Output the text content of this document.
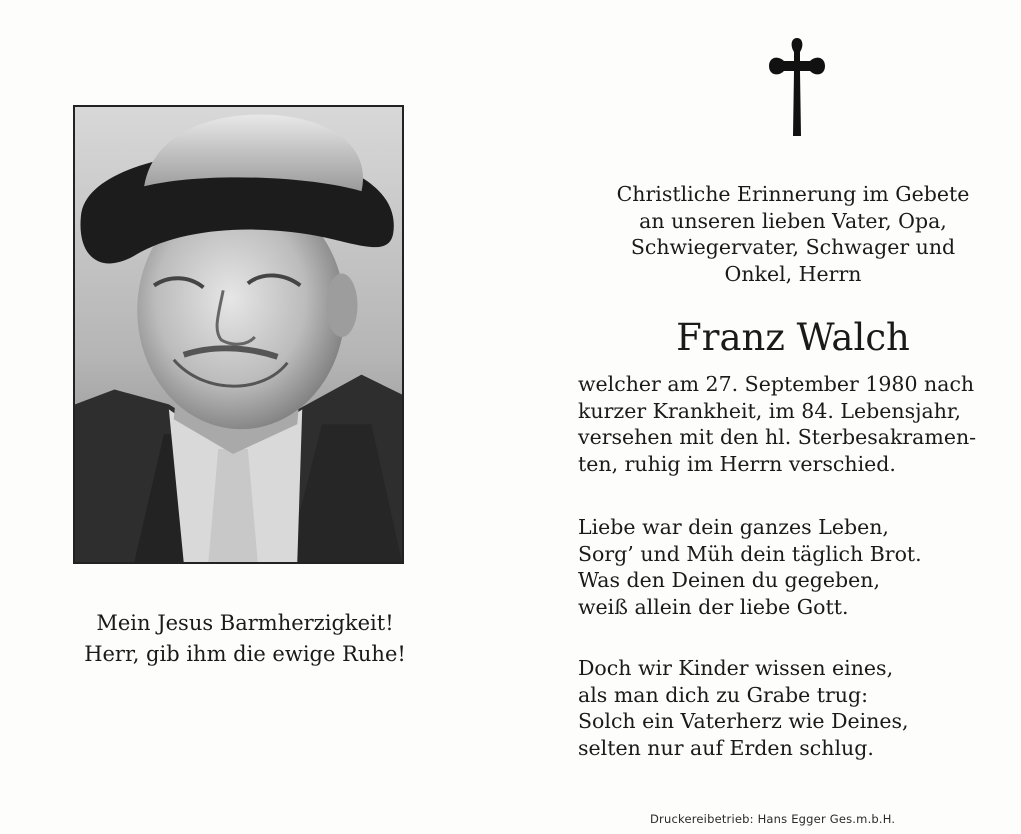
Mein Jesus Barmherzigkeit!
Herr, gib ihm die ewige Ruhe!
Christliche Erinnerung im Gebete
an unseren lieben Vater, Opa,
Schwiegervater, Schwager und
Onkel, Herrn
Franz Walch
welcher am 27. September 1980 nach
kurzer Krankheit, im 84. Lebensjahr,
versehen mit den hl. Sterbesakramen-
ten, ruhig im Herrn verschied.
Liebe war dein ganzes Leben,
Sorg’ und Müh dein täglich Brot.
Was den Deinen du gegeben,
weiß allein der liebe Gott.
Doch wir Kinder wissen eines,
als man dich zu Grabe trug:
Solch ein Vaterherz wie Deines,
selten nur auf Erden schlug.
Druckereibetrieb: Hans Egger Ges.m.b.H.
